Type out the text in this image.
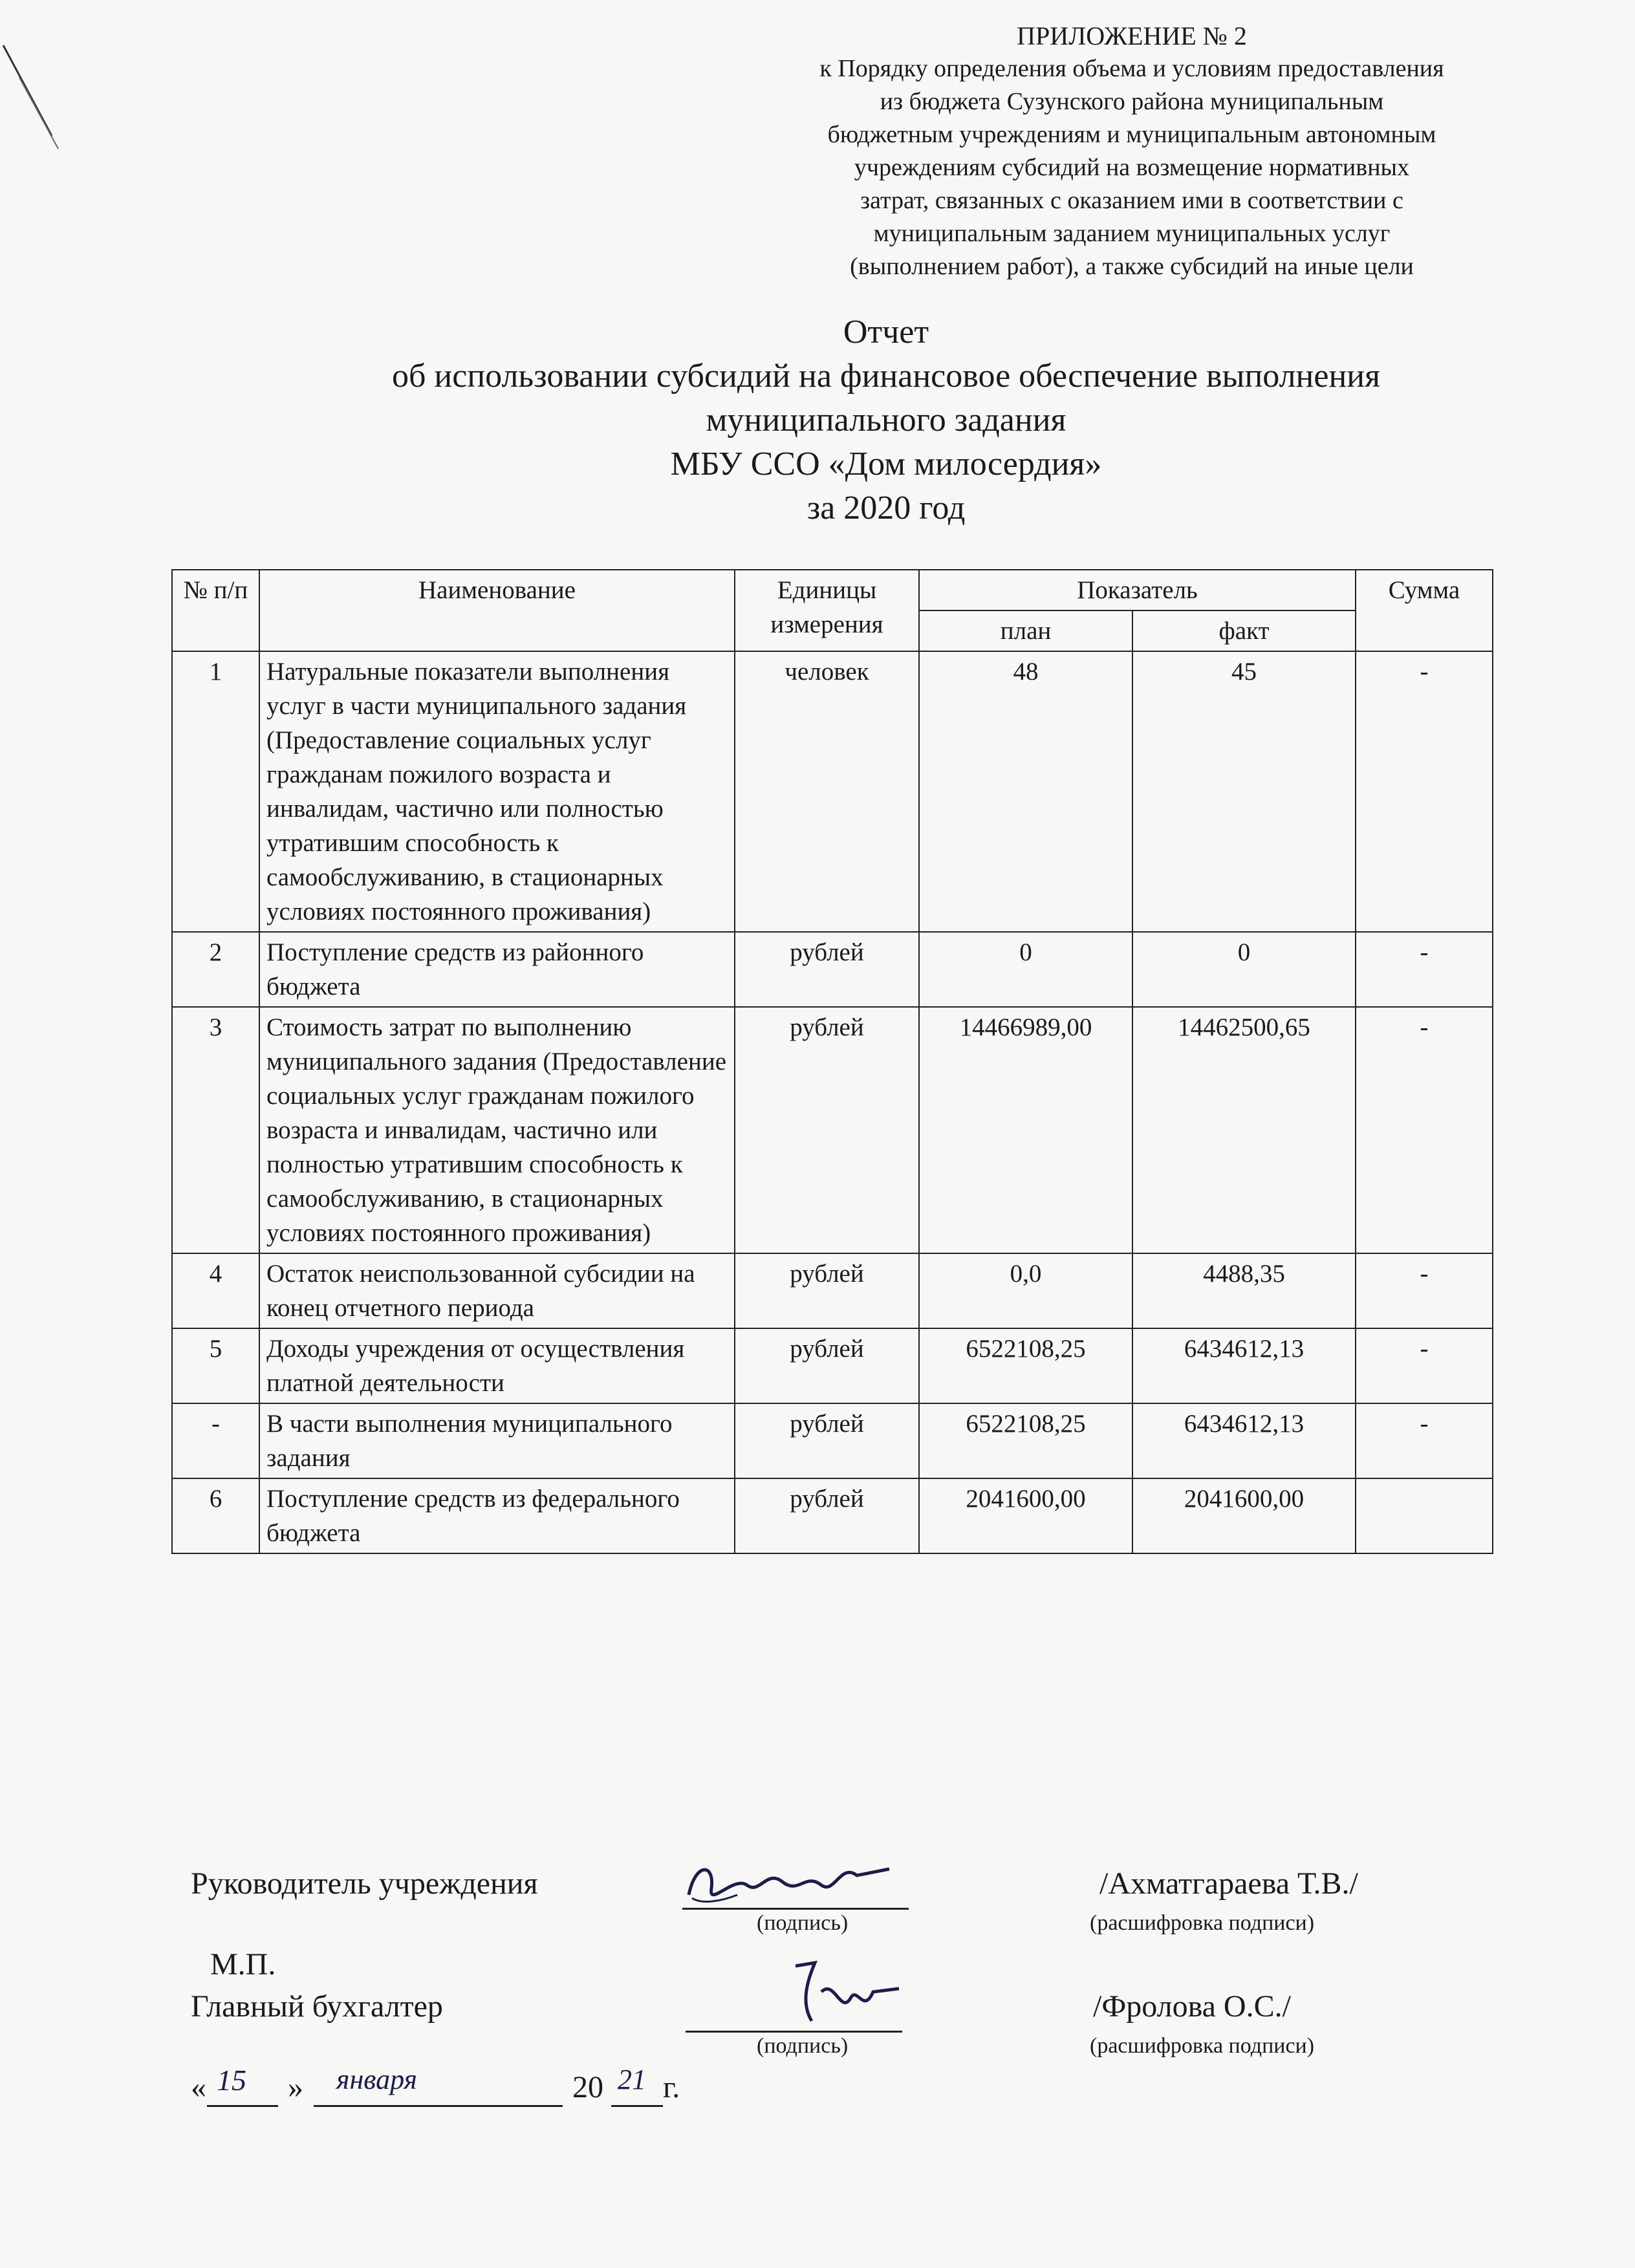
ПРИЛОЖЕНИЕ № 2
к Порядку определения объема и условиям предоставления
из бюджета Сузунского района муниципальным
бюджетным учреждениям и муниципальным автономным
учреждениям субсидий на возмещение нормативных
затрат, связанных с оказанием ими в соответствии с
муниципальным заданием муниципальных услуг
(выполнением работ), а также субсидий на иные цели
Отчет
об использовании субсидий на финансовое обеспечение выполнения
муниципального задания
МБУ ССО «Дом милосердия»
за 2020 год
№ п/п	Наименование	Единицы измерения	Показатель		Сумма
			план	факт	
1	Натуральные показатели выполнения услуг в части муниципального задания (Предоставление социальных услуг гражданам пожилого возраста и инвалидам, частично или полностью утратившим способность к самообслуживанию, в стационарных условиях постоянного проживания)	человек	48	45	-
2	Поступление средств из районного бюджета	рублей	0	0	-
3	Стоимость затрат по выполнению муниципального задания (Предоставление социальных услуг гражданам пожилого возраста и инвалидам, частично или полностью утратившим способность к самообслуживанию, в стационарных условиях постоянного проживания)	рублей	14466989,00	14462500,65	-
4	Остаток неиспользованной субсидии на конец отчетного периода	рублей	0,0	4488,35	-
5	Доходы учреждения от осуществления платной деятельности	рублей	6522108,25	6434612,13	-
-	В части выполнения муниципального задания	рублей	6522108,25	6434612,13	-
6	Поступление средств из федерального бюджета	рублей	2041600,00	2041600,00	
Руководитель учреждения	/Ахматгараева Т.В./
(подпись)	(расшифровка подписи)
М.П.
Главный бухгалтер	/Фролова О.С./
(подпись)	(расшифровка подписи)
« 15 » января	20 21 г.
